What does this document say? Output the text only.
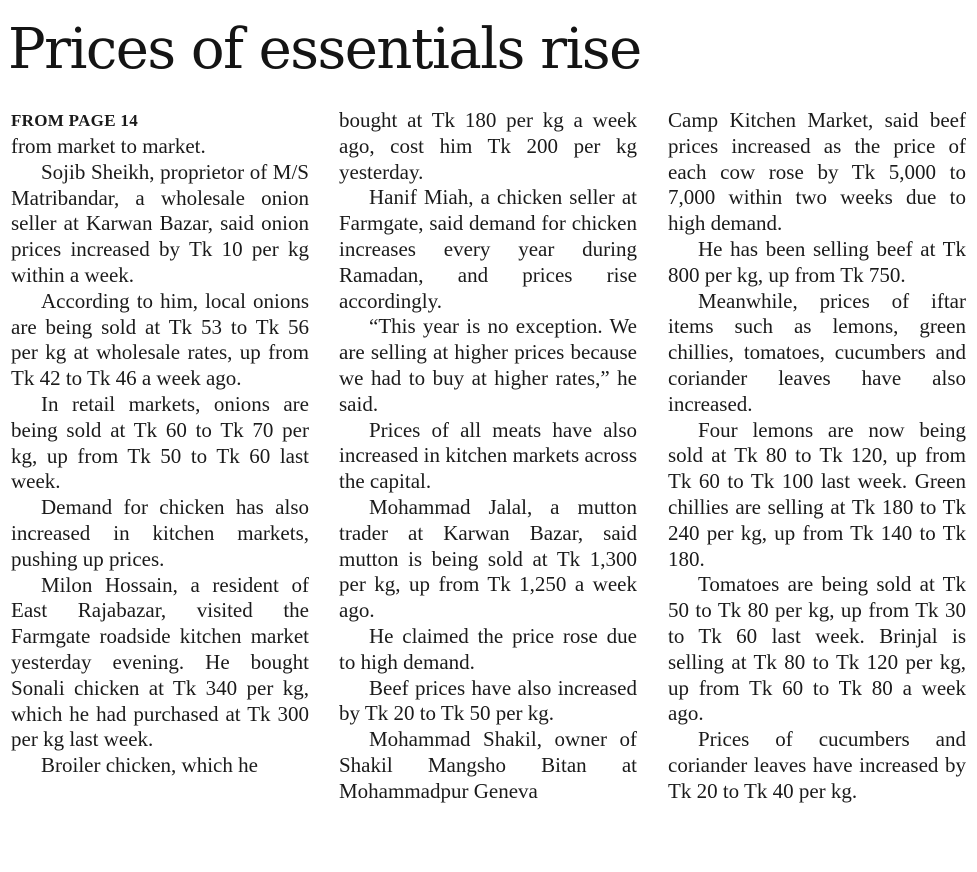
Prices of essentials rise
FROM PAGE 14

from market to market.

Sojib Sheikh, proprietor of M/S Matribandar, a wholesale onion seller at Karwan Bazar, said onion prices increased by Tk 10 per kg within a week.

According to him, local onions are being sold at Tk 53 to Tk 56 per kg at wholesale rates, up from Tk 42 to Tk 46 a week ago.

In retail markets, onions are being sold at Tk 60 to Tk 70 per kg, up from Tk 50 to Tk 60 last week.

Demand for chicken has also increased in kitchen markets, pushing up prices.

Milon Hossain, a resident of East Rajabazar, visited the Farmgate roadside kitchen market yesterday evening. He bought Sonali chicken at Tk 340 per kg, which he had purchased at Tk 300 per kg last week.

Broiler chicken, which he

bought at Tk 180 per kg a week ago, cost him Tk 200 per kg yesterday.

Hanif Miah, a chicken seller at Farmgate, said demand for chicken increases every year during Ramadan, and prices rise accordingly.

“This year is no exception. We are selling at higher prices because we had to buy at higher rates,” he said.

Prices of all meats have also increased in kitchen markets across the capital.

Mohammad Jalal, a mutton trader at Karwan Bazar, said mutton is being sold at Tk 1,300 per kg, up from Tk 1,250 a week ago.

He claimed the price rose due to high demand.

Beef prices have also increased by Tk 20 to Tk 50 per kg.

Mohammad Shakil, owner of Shakil Mangsho Bitan at Mohammadpur Geneva

Camp Kitchen Market, said beef prices increased as the price of each cow rose by Tk 5,000 to 7,000 within two weeks due to high demand.

He has been selling beef at Tk 800 per kg, up from Tk 750.

Meanwhile, prices of iftar items such as lemons, green chillies, tomatoes, cucumbers and coriander leaves have also increased.

Four lemons are now being sold at Tk 80 to Tk 120, up from Tk 60 to Tk 100 last week. Green chillies are selling at Tk 180 to Tk 240 per kg, up from Tk 140 to Tk 180.

Tomatoes are being sold at Tk 50 to Tk 80 per kg, up from Tk 30 to Tk 60 last week. Brinjal is selling at Tk 80 to Tk 120 per kg, up from Tk 60 to Tk 80 a week ago.

Prices of cucumbers and coriander leaves have increased by Tk 20 to Tk 40 per kg.
